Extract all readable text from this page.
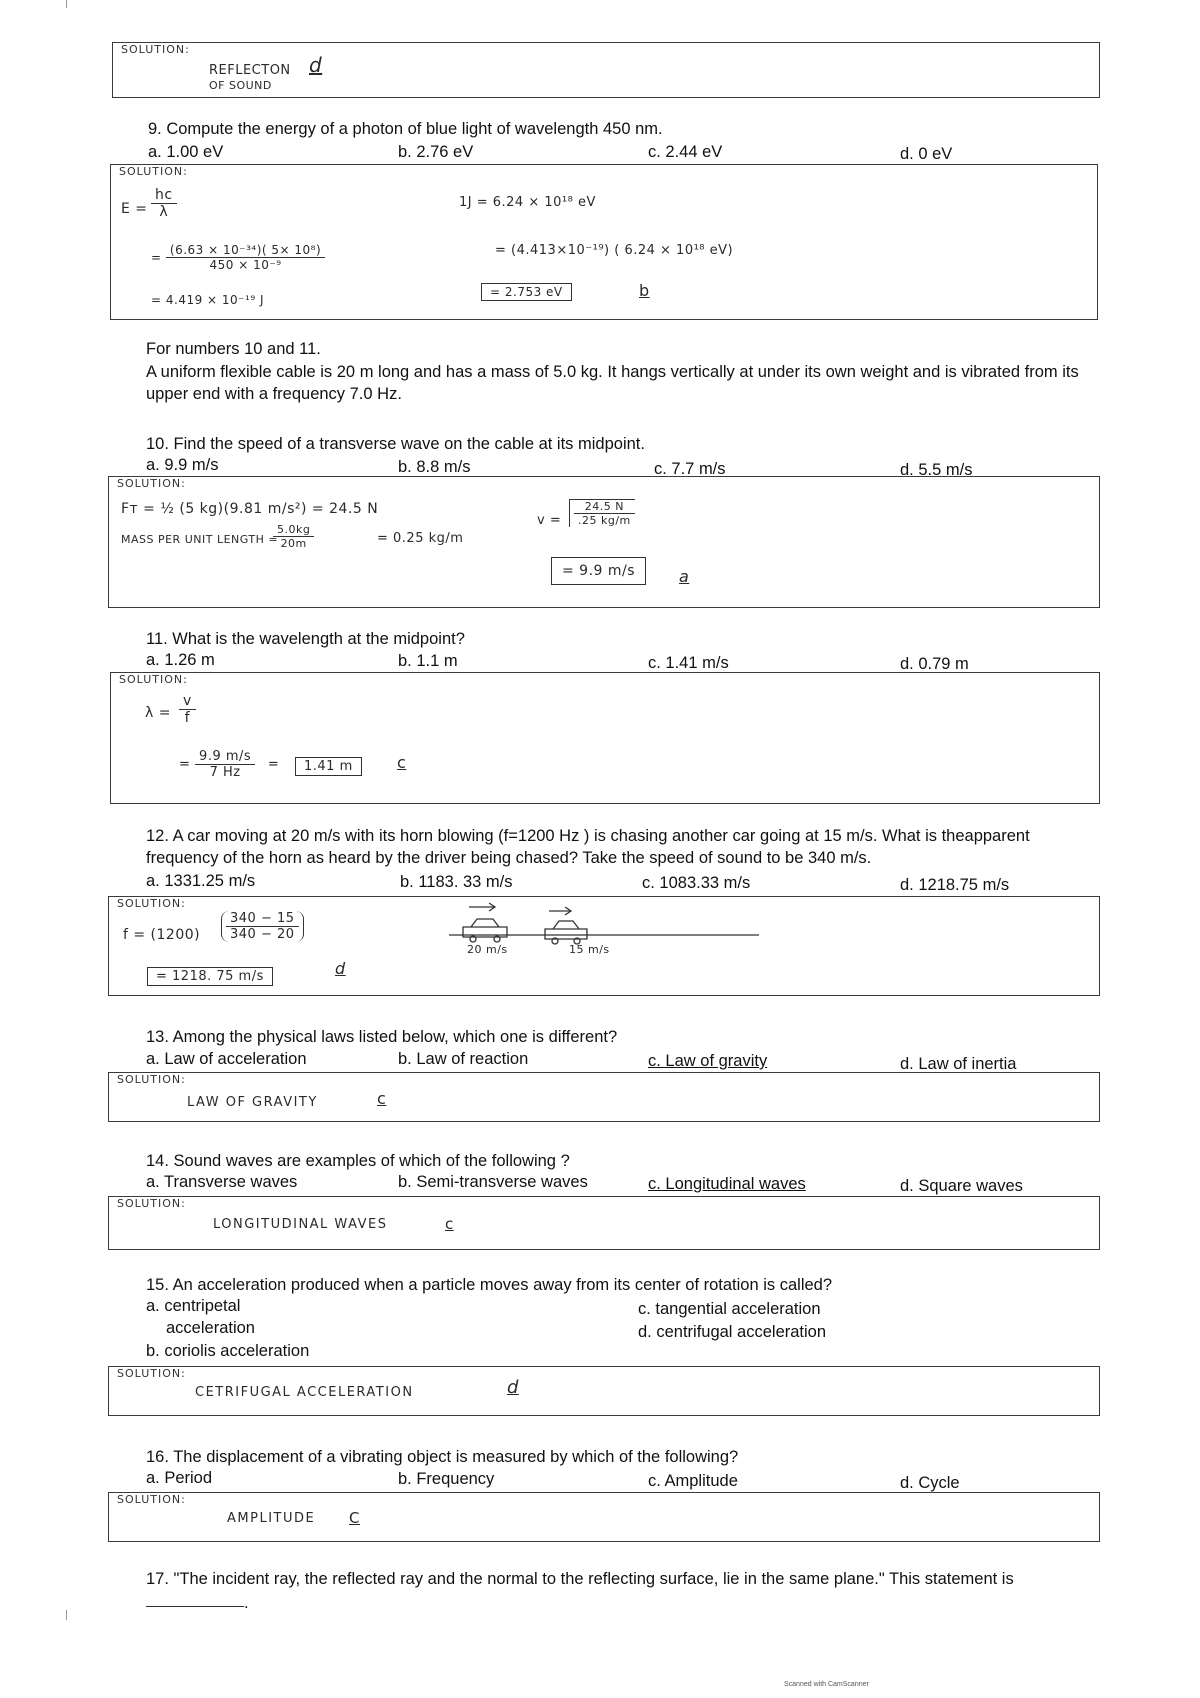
SOLUTION:
REFLECTON
OF SOUND
d
9. Compute the energy of a photon of blue light of wavelength 450 nm.
a. 1.00 eV	b. 2.76 eV	c. 2.44 eV	d. 0 eV
SOLUTION:
$E = \frac{hc}{\lambda}$
= $\frac{\text{(6.63 × 10⁻³⁴)( 5× 10⁸)}}{\text{450 × 10⁻⁹}}$
= 4.419 × 10⁻¹⁹ J
1J = 6.24 × 10¹⁸ eV
= (4.413×10⁻¹⁹) ( 6.24 × 10¹⁸ eV)
= 2.753 eV	b
For numbers 10 and 11.
A uniform flexible cable is 20 m long and has a mass of 5.0 kg. It hangs vertically at under its own weight and is vibrated from its upper end with a frequency 7.0 Hz.
10. Find the speed of a transverse wave on the cable at its midpoint.
a. 9.9 m/s	b. 8.8 m/s	c. 7.7 m/s	d. 5.5 m/s
SOLUTION:
Fт = ½ (5 kg)(9.81 m/s²) = 24.5 N
MASS PER UNIT LENGTH =
$\frac{5.0kg}{20m}$	= 0.25 kg/m
$v = \frac{24.5 N}{.25 kg/m}$
= 9.9 m/s	a
11. What is the wavelength at the midpoint?
a. 1.26 m	b. 1.1 m	c. 1.41 m/s	d. 0.79 m
SOLUTION:
$\lambda = \frac{v}{f}$
= $\frac{9.9 m/s}{7 Hz}$ =	1.41 m	c
12. A car moving at 20 m/s with its horn blowing (f=1200 Hz ) is chasing another car going at 15 m/s. What is theapparent frequency of the horn as heard by the driver being chased? Take the speed of sound to be 340 m/s.
a. 1331.25 m/s	b. 1183. 33 m/s	c. 1083.33 m/s	d. 1218.75 m/s
SOLUTION:
$f = (1200) \frac{340 - 15}{340 - 20}$
= 1218. 75 m/s	d
20 m/s	15 m/s
13. Among the physical laws listed below, which one is different?
a. Law of acceleration	b. Law of reaction	c. Law of gravity	d. Law of inertia
SOLUTION:
LAW OF GRAVITY	c
14. Sound waves are examples of which of the following ?
a. Transverse waves	b. Semi-transverse waves	c. Longitudinal waves	d. Square waves
SOLUTION:
LONGITUDINAL WAVES	c
15. An acceleration produced when a particle moves away from its center of rotation is called?
a. centripetal
acceleration
b. coriolis acceleration
c. tangential acceleration
d. centrifugal acceleration
SOLUTION:
CETRIFUGAL ACCELERATION	d
16. The displacement of a vibrating object is measured by which of the following?
a. Period	b. Frequency	c. Amplitude	d. Cycle
SOLUTION:
AMPLITUDE C
17. "The incident ray, the reflected ray and the normal to the reflecting surface, lie in the same plane." This statement is
.
Scanned with CamScanner
